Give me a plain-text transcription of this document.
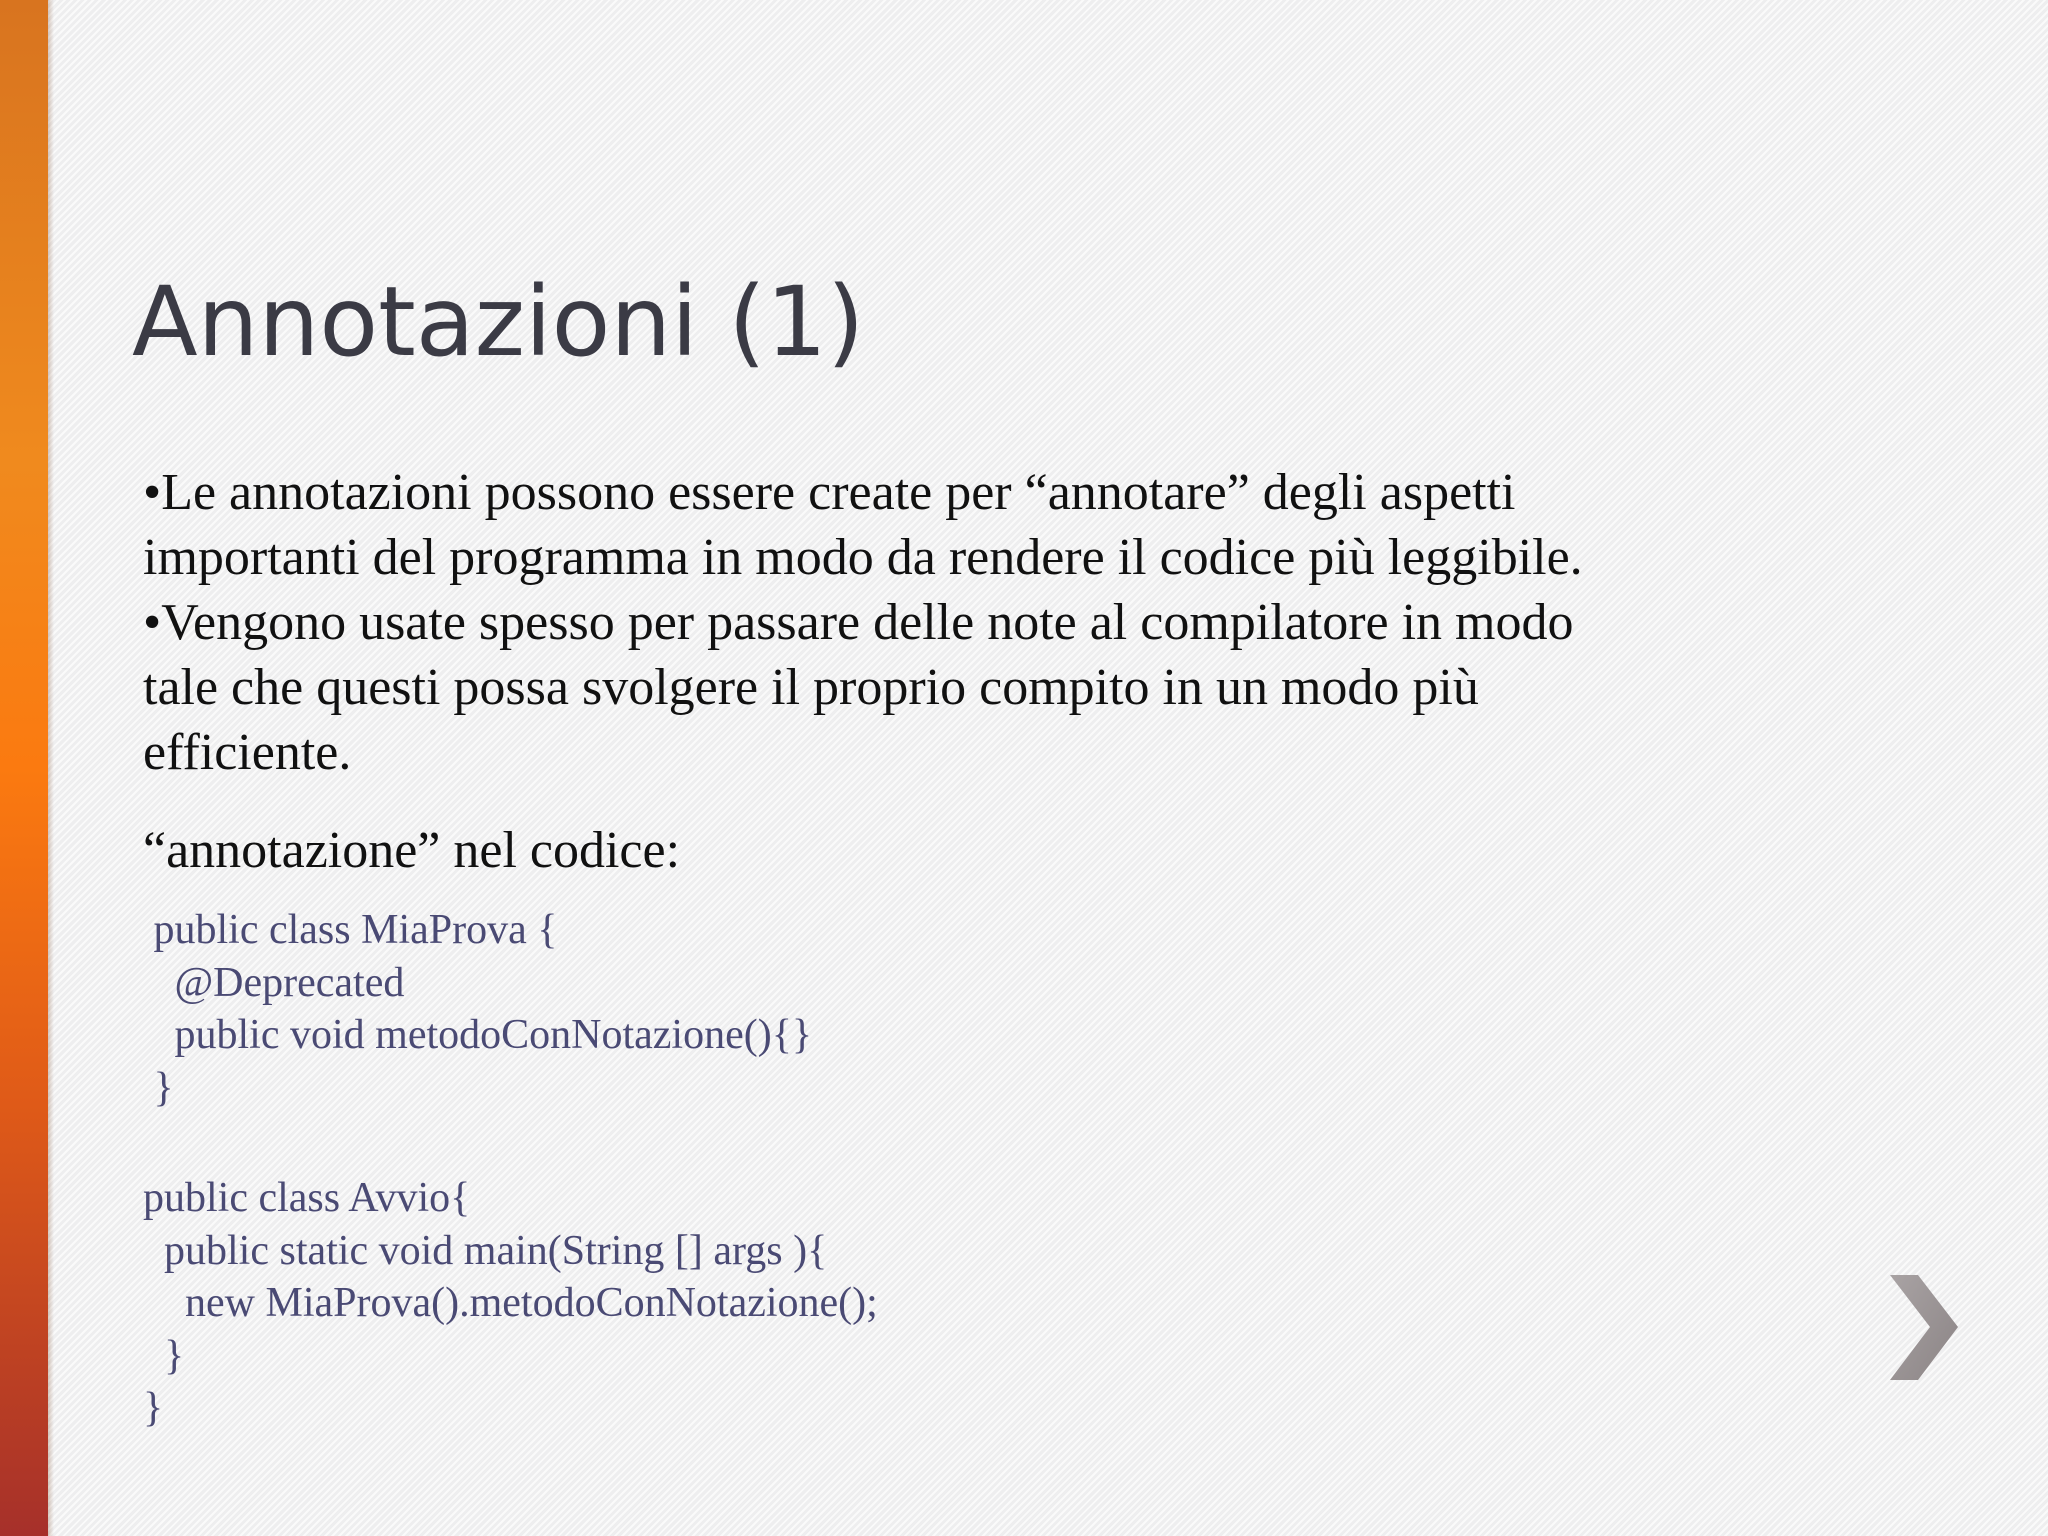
Annotazioni (1)

•Le annotazioni possono essere create per “annotare” degli aspetti

importanti del programma in modo da rendere il codice più leggibile.

•Vengono usate spesso per passare delle note al compilatore in modo

tale che questi possa svolgere il proprio compito in un modo più

efficiente.

“annotazione” nel codice:

public class MiaProva {
@Deprecated
public void metodoConNotazione(){}
}
public class Avvio{
public static void main(String [] args ){
new MiaProva().metodoConNotazione();
}
}
